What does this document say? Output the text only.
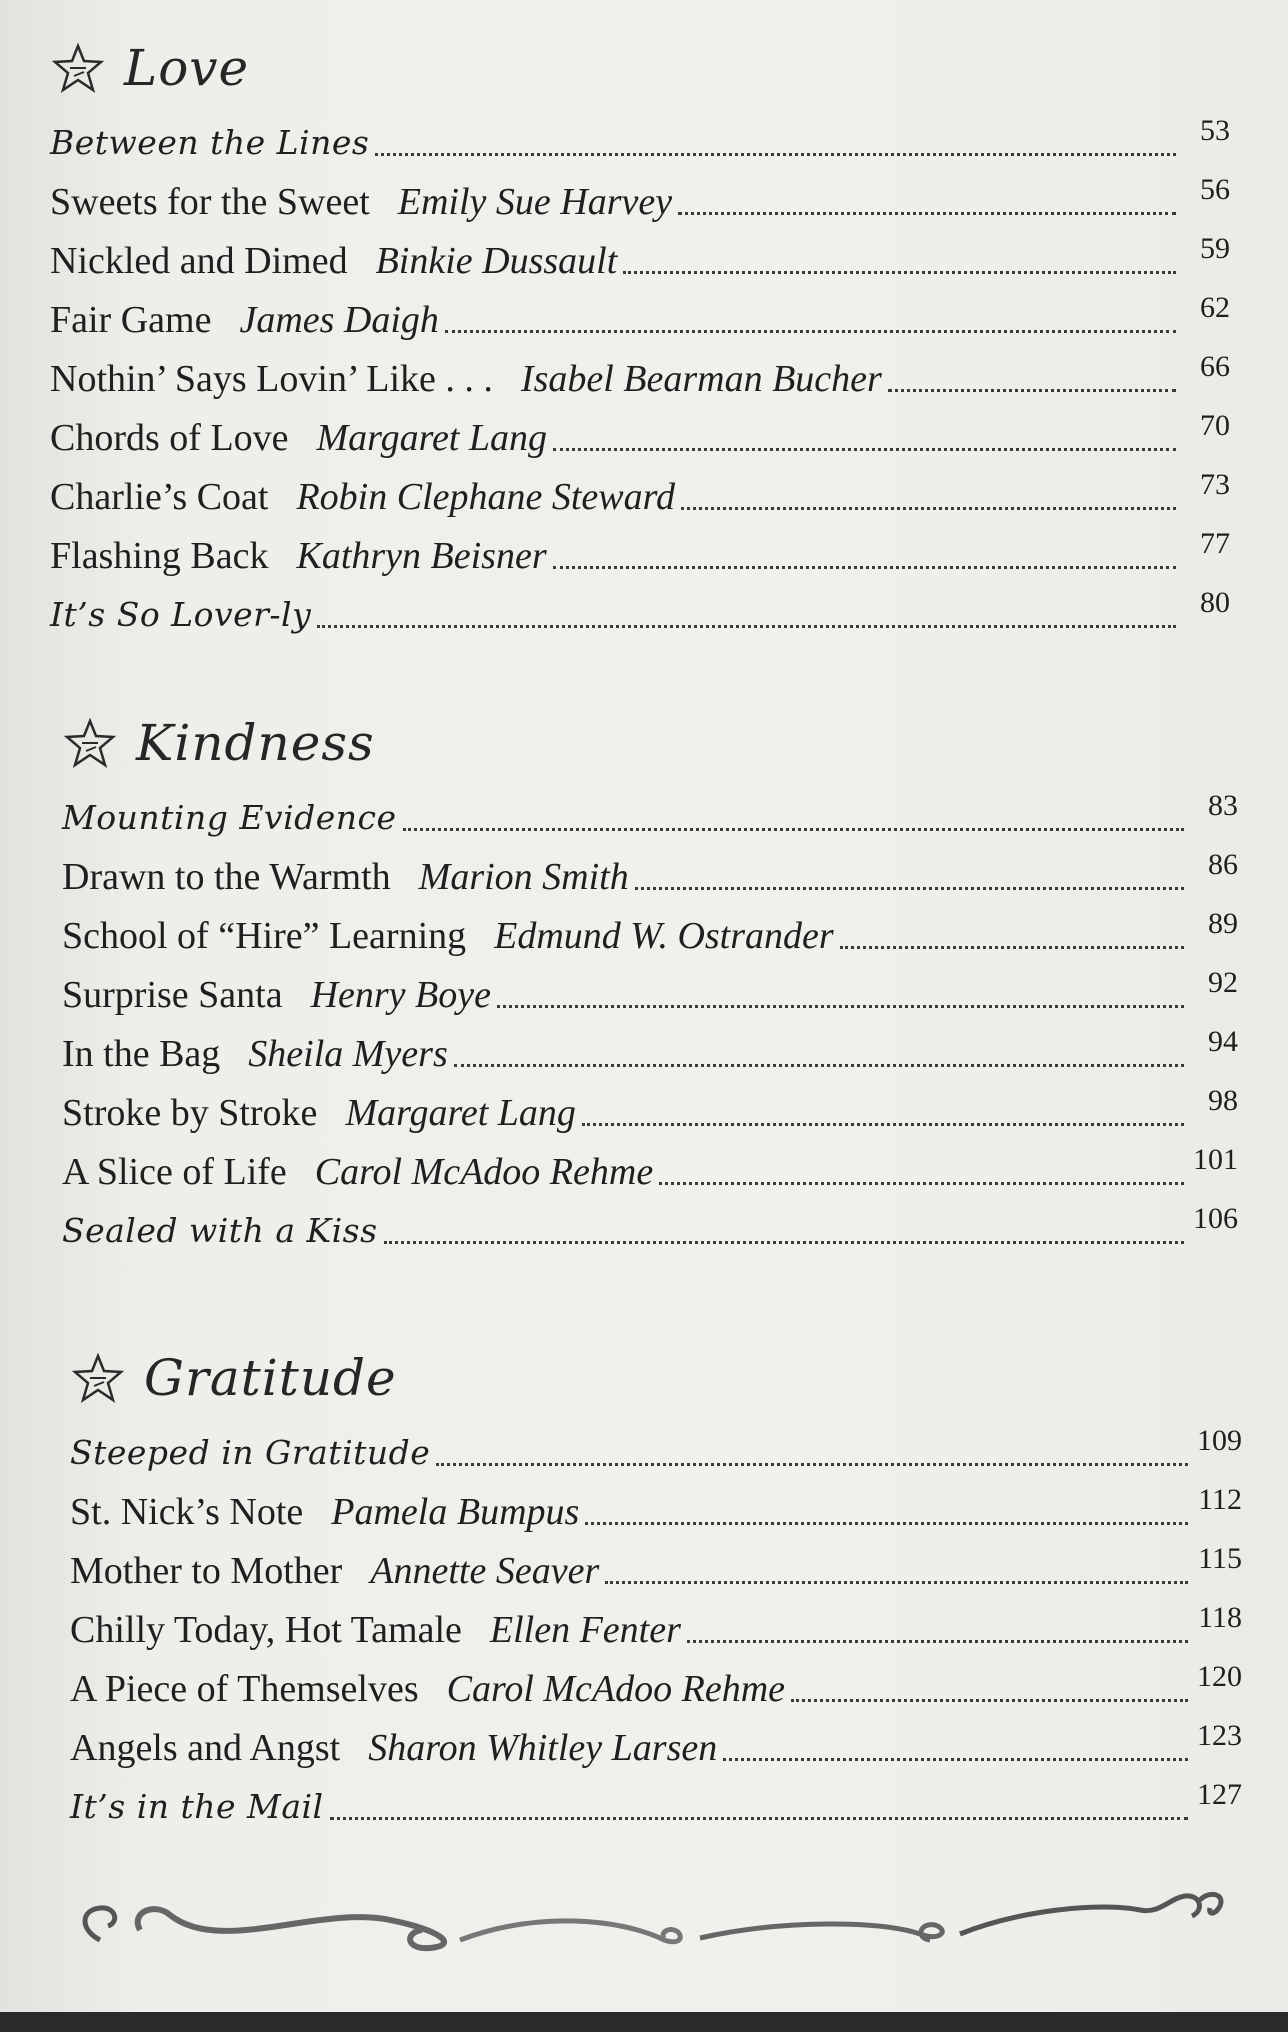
Love
Between the Lines	53
Sweets for the Sweet Emily Sue Harvey	56
Nickled and Dimed Binkie Dussault	59
Fair Game James Daigh	62
Nothin’ Says Lovin’ Like . . . Isabel Bearman Bucher	66
Chords of Love Margaret Lang	70
Charlie’s Coat Robin Clephane Steward	73
Flashing Back Kathryn Beisner	77
It’s So Lover-ly	80
Kindness
Mounting Evidence	83
Drawn to the Warmth Marion Smith	86
School of “Hire” Learning Edmund W. Ostrander	89
Surprise Santa Henry Boye	92
In the Bag Sheila Myers	94
Stroke by Stroke Margaret Lang	98
A Slice of Life Carol McAdoo Rehme	101
Sealed with a Kiss	106
Gratitude
Steeped in Gratitude	109
St. Nick’s Note Pamela Bumpus	112
Mother to Mother Annette Seaver	115
Chilly Today, Hot Tamale Ellen Fenter	118
A Piece of Themselves Carol McAdoo Rehme	120
Angels and Angst Sharon Whitley Larsen	123
It’s in the Mail	127
